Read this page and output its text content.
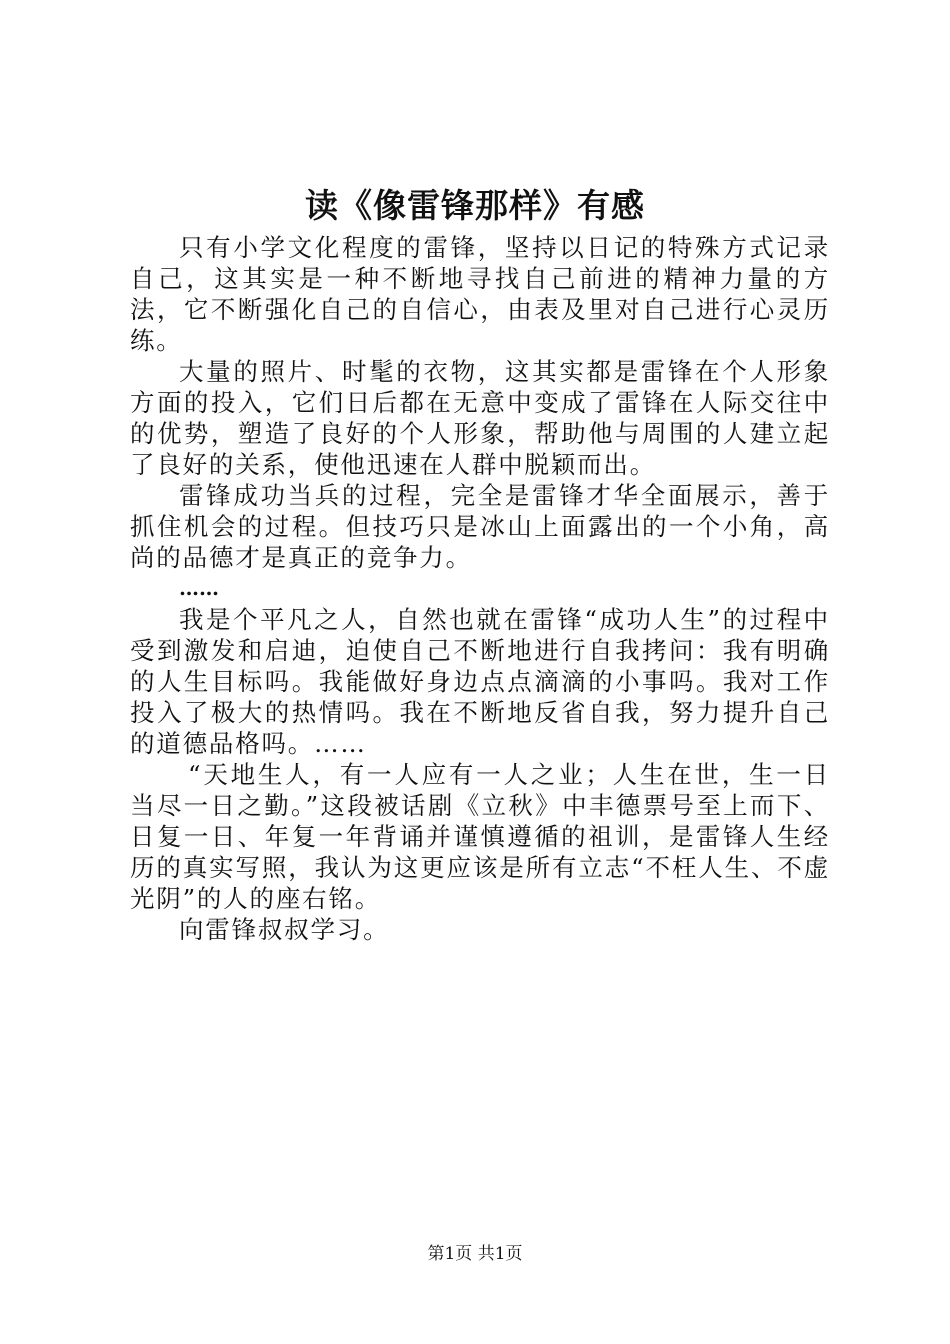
读《像雷锋那样》有感

只有小学文化程度的雷锋，坚持以日记的特殊方式记录自己，这其实是一种不断地寻找自己前进的精神力量的方法，它不断强化自己的自信心，由表及里对自己进行心灵历练。

大量的照片、时髦的衣物，这其实都是雷锋在个人形象方面的投入，它们日后都在无意中变成了雷锋在人际交往中的优势，塑造了良好的个人形象，帮助他与周围的人建立起了良好的关系，使他迅速在人群中脱颖而出。

雷锋成功当兵的过程，完全是雷锋才华全面展示，善于抓住机会的过程。但技巧只是冰山上面露出的一个小角，高尚的品德才是真正的竞争力。

……

我是个平凡之人，自然也就在雷锋“成功人生”的过程中受到激发和启迪，迫使自己不断地进行自我拷问：我有明确的人生目标吗。我能做好身边点点滴滴的小事吗。我对工作投入了极大的热情吗。我在不断地反省自我，努力提升自己的道德品格吗。……

“天地生人，有一人应有一人之业；人生在世，生一日当尽一日之勤。”这段被话剧《立秋》中丰德票号至上而下、日复一日、年复一年背诵并谨慎遵循的祖训，是雷锋人生经历的真实写照，我认为这更应该是所有立志“不枉人生、不虚光阴”的人的座右铭。

向雷锋叔叔学习。

第1页 共1页
